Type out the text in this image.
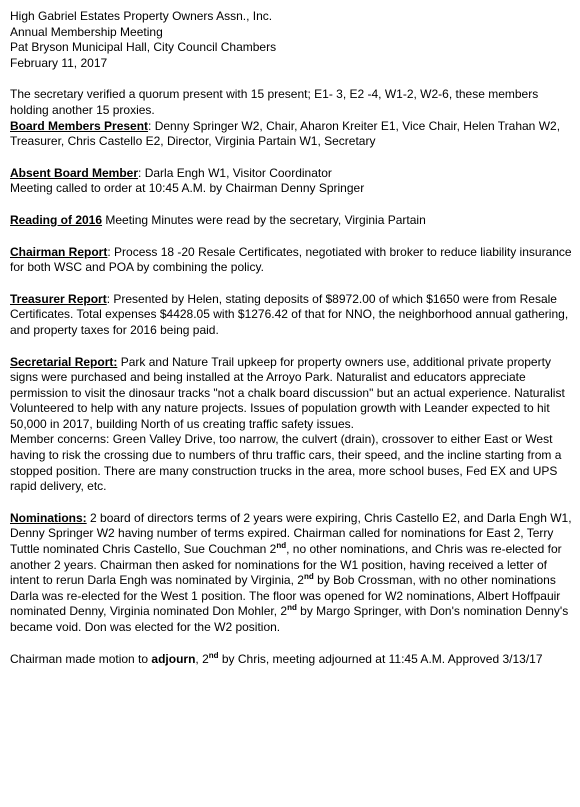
High Gabriel Estates Property Owners Assn., Inc.
Annual Membership Meeting
Pat Bryson Municipal Hall, City Council Chambers
February 11, 2017

The secretary verified a quorum present with 15 present; E1- 3, E2 -4, W1-2, W2-6, these members holding another 15 proxies.

Board Members Present: Denny Springer W2, Chair, Aharon Kreiter E1, Vice Chair, Helen Trahan W2, Treasurer, Chris Castello E2, Director, Virginia Partain W1, Secretary

Absent Board Member: Darla Engh W1, Visitor Coordinator

Meeting called to order at 10:45 A.M. by Chairman Denny Springer

Reading of 2016 Meeting Minutes were read by the secretary, Virginia Partain

Chairman Report: Process 18 -20 Resale Certificates, negotiated with broker to reduce liability insurance for both WSC and POA by combining the policy.

Treasurer Report: Presented by Helen, stating deposits of $8972.00 of which $1650 were from Resale Certificates. Total expenses $4428.05 with $1276.42 of that for NNO, the neighborhood annual gathering, and property taxes for 2016 being paid.

Secretarial Report: Park and Nature Trail upkeep for property owners use, additional private property signs were purchased and being installed at the Arroyo Park. Naturalist and educators appreciate permission to visit the dinosaur tracks "not a chalk board discussion" but an actual experience. Naturalist Volunteered to help with any nature projects. Issues of population growth with Leander expected to hit 50,000 in 2017, building North of us creating traffic safety issues.

Member concerns: Green Valley Drive, too narrow, the culvert (drain), crossover to either East or West

having to risk the crossing due to numbers of thru traffic cars, their speed, and the incline starting from a stopped position. There are many construction trucks in the area, more school buses, Fed EX and UPS rapid delivery, etc.

Nominations: 2 board of directors terms of 2 years were expiring, Chris Castello E2, and Darla Engh W1, Denny Springer W2 having number of terms expired. Chairman called for nominations for East 2, Terry Tuttle nominated Chris Castello, Sue Couchman 2nd, no other nominations, and Chris was re-elected for another 2 years. Chairman then asked for nominations for the W1 position, having received a letter of intent to rerun Darla Engh was nominated by Virginia, 2nd by Bob Crossman, with no other nominations Darla was re-elected for the West 1 position. The floor was opened for W2 nominations, Albert Hoffpauir nominated Denny, Virginia nominated Don Mohler, 2nd by Margo Springer, with Don's nomination Denny's became void. Don was elected for the W2 position.

Chairman made motion to adjourn, 2nd by Chris, meeting adjourned at 11:45 A.M. Approved 3/13/17
